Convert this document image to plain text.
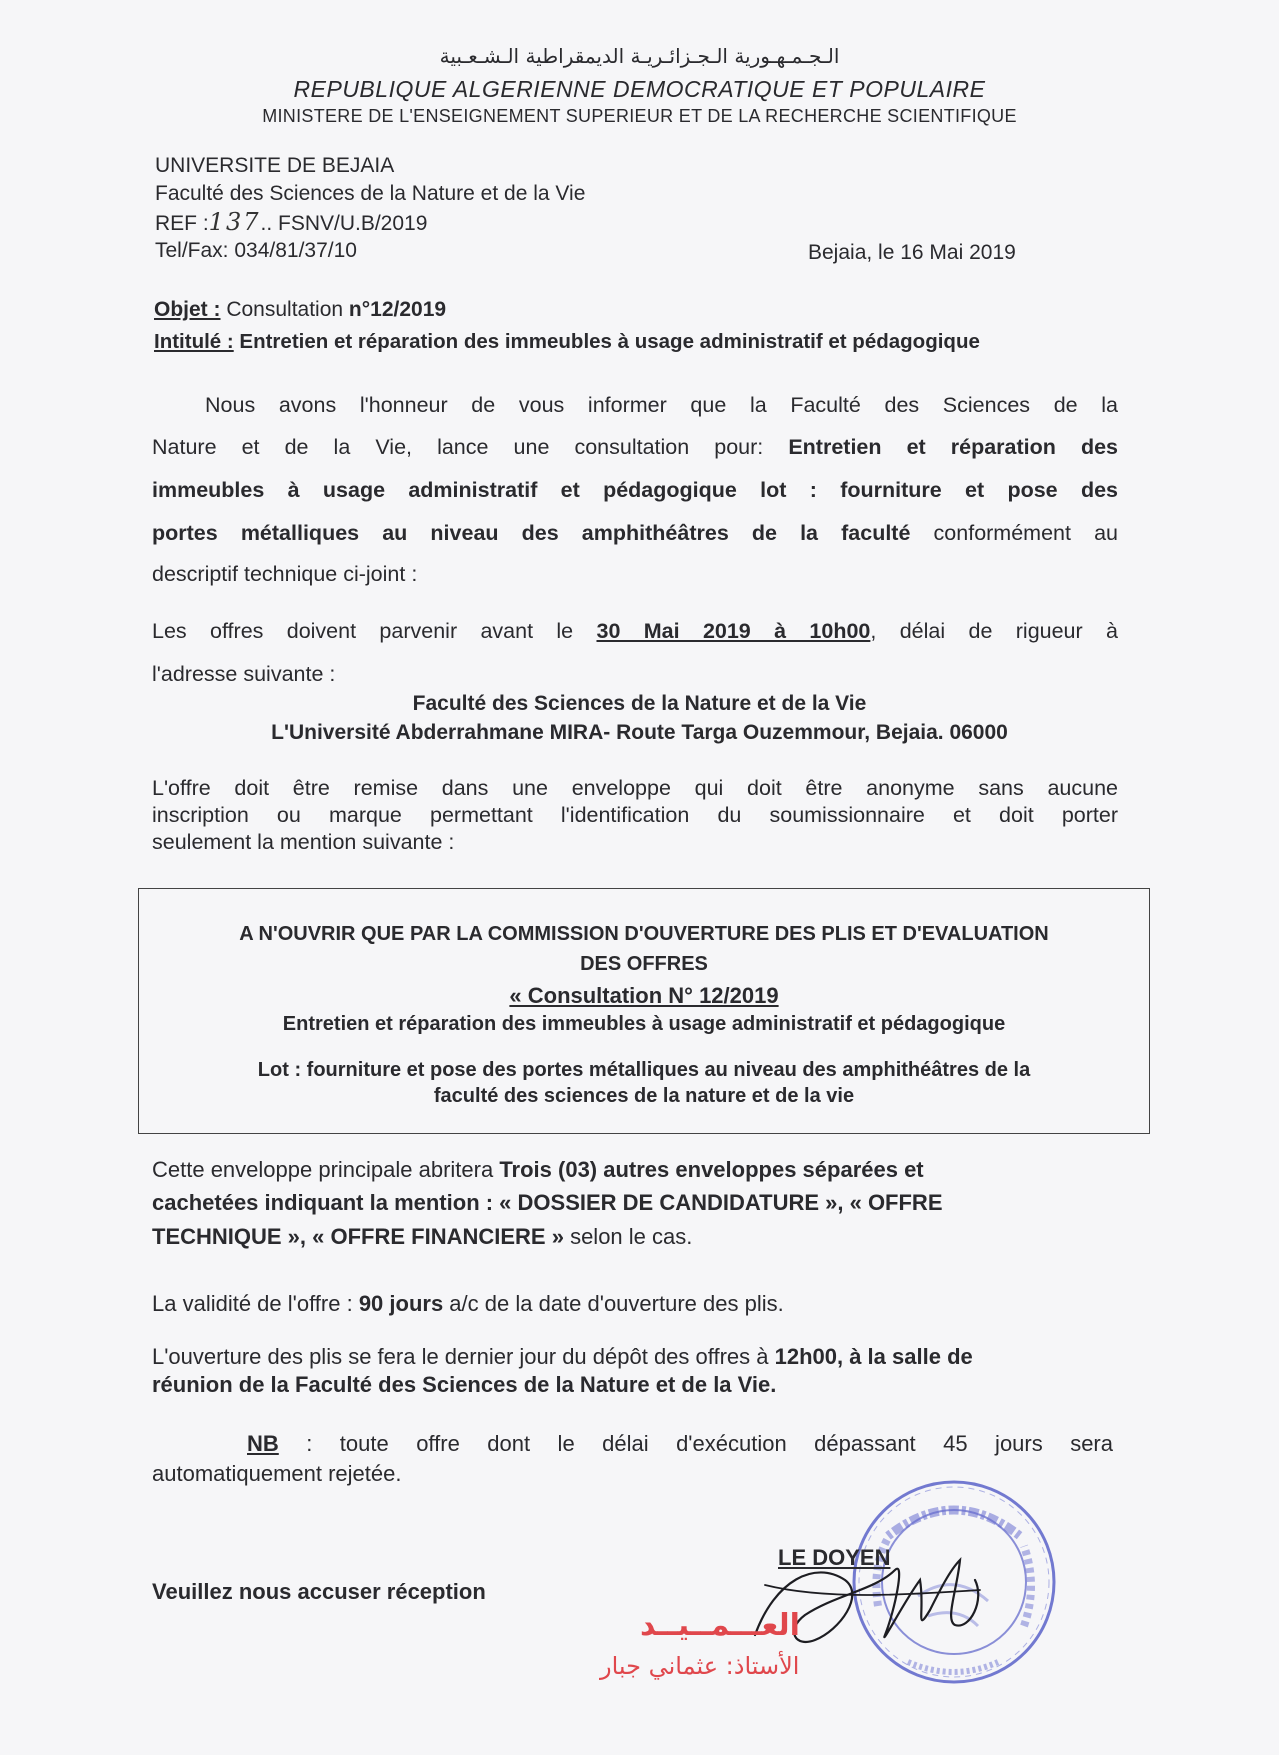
الـجـمـهـورية الـجـزائـريـة الديمقراطية الـشـعـبية
REPUBLIQUE ALGERIENNE DEMOCRATIQUE ET POPULAIRE
MINISTERE DE L'ENSEIGNEMENT SUPERIEUR ET DE LA RECHERCHE SCIENTIFIQUE
UNIVERSITE DE BEJAIA
Faculté des Sciences de la Nature et de la Vie
REF :137.. FSNV/U.B/2019
Tel/Fax: 034/81/37/10	Bejaia, le 16 Mai 2019
Objet : Consultation n°12/2019
Intitulé : Entretien et réparation des immeubles à usage administratif et pédagogique
Nous avons l'honneur de vous informer que la Faculté des Sciences de la
Nature et de la Vie, lance une consultation pour: Entretien et réparation des
immeubles à usage administratif et pédagogique lot : fourniture et pose des
portes métalliques au niveau des amphithéâtres de la faculté conformément au
descriptif technique ci-joint :
Les offres doivent parvenir avant le 30 Mai 2019 à 10h00, délai de rigueur à
l'adresse suivante :
Faculté des Sciences de la Nature et de la Vie
L'Université Abderrahmane MIRA- Route Targa Ouzemmour, Bejaia. 06000
L'offre doit être remise dans une enveloppe qui doit être anonyme sans aucune
inscription ou marque permettant l'identification du soumissionnaire et doit porter
seulement la mention suivante :
A N'OUVRIR QUE PAR LA COMMISSION D'OUVERTURE DES PLIS ET D'EVALUATION
DES OFFRES
« Consultation N° 12/2019
Entretien et réparation des immeubles à usage administratif et pédagogique
Lot : fourniture et pose des portes métalliques au niveau des amphithéâtres de la
faculté des sciences de la nature et de la vie
Cette enveloppe principale abritera Trois (03) autres enveloppes séparées et
cachetées indiquant la mention : « DOSSIER DE CANDIDATURE », « OFFRE
TECHNIQUE », « OFFRE FINANCIERE » selon le cas.
La validité de l'offre : 90 jours a/c de la date d'ouverture des plis.
L'ouverture des plis se fera le dernier jour du dépôt des offres à 12h00, à la salle de
réunion de la Faculté des Sciences de la Nature et de la Vie.
NB : toute offre dont le délai d'exécution dépassant 45 jours sera
automatiquement rejetée.
Veuillez nous accuser réception
LE DOYEN
العـــمــيــد
الأستاذ: عثماني جبار
